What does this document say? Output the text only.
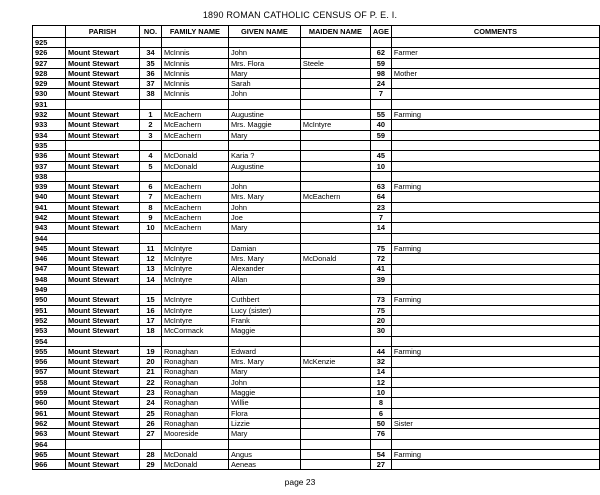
1890 ROMAN CATHOLIC CENSUS OF P. E. I.
	PARISH	NO.	FAMILY NAME	GIVEN NAME	MAIDEN NAME	AGE	COMMENTS
925							
926	Mount Stewart	34	McInnis	John		62	Farmer
927	Mount Stewart	35	McInnis	Mrs. Flora	Steele	59	
928	Mount Stewart	36	McInnis	Mary		98	Mother
929	Mount Stewart	37	McInnis	Sarah		24	
930	Mount Stewart	38	McInnis	John		7	
931							
932	Mount Stewart	1	McEachern	Augustine		55	Farming
933	Mount Stewart	2	McEachern	Mrs. Maggie	McIntyre	40	
934	Mount Stewart	3	McEachern	Mary		59	
935							
936	Mount Stewart	4	McDonald	Karia ?		45	
937	Mount Stewart	5	McDonald	Augustine		10	
938							
939	Mount Stewart	6	McEachern	John		63	Farming
940	Mount Stewart	7	McEachern	Mrs. Mary	McEachern	64	
941	Mount Stewart	8	McEachern	John		23	
942	Mount Stewart	9	McEachern	Joe		7	
943	Mount Stewart	10	McEachern	Mary		14	
944							
945	Mount Stewart	11	McIntyre	Damian		75	Farming
946	Mount Stewart	12	McIntyre	Mrs. Mary	McDonald	72	
947	Mount Stewart	13	McIntyre	Alexander		41	
948	Mount Stewart	14	McIntyre	Allan		39	
949							
950	Mount Stewart	15	McIntyre	Cuthbert		73	Farming
951	Mount Stewart	16	McIntyre	Lucy (sister)		75	
952	Mount Stewart	17	McIntyre	Frank		20	
953	Mount Stewart	18	McCormack	Maggie		30	
954							
955	Mount Stewart	19	Ronaghan	Edward		44	Farming
956	Mount Stewart	20	Ronaghan	Mrs. Mary	McKenzie	32	
957	Mount Stewart	21	Ronaghan	Mary		14	
958	Mount Stewart	22	Ronaghan	John		12	
959	Mount Stewart	23	Ronaghan	Maggie		10	
960	Mount Stewart	24	Ronaghan	Willie		8	
961	Mount Stewart	25	Ronaghan	Flora		6	
962	Mount Stewart	26	Ronaghan	Lizzie		50	Sister
963	Mount Stewart	27	Mooreside	Mary		76	
964							
965	Mount Stewart	28	McDonald	Angus		54	Farming
966	Mount Stewart	29	McDonald	Aeneas		27	
page 23
